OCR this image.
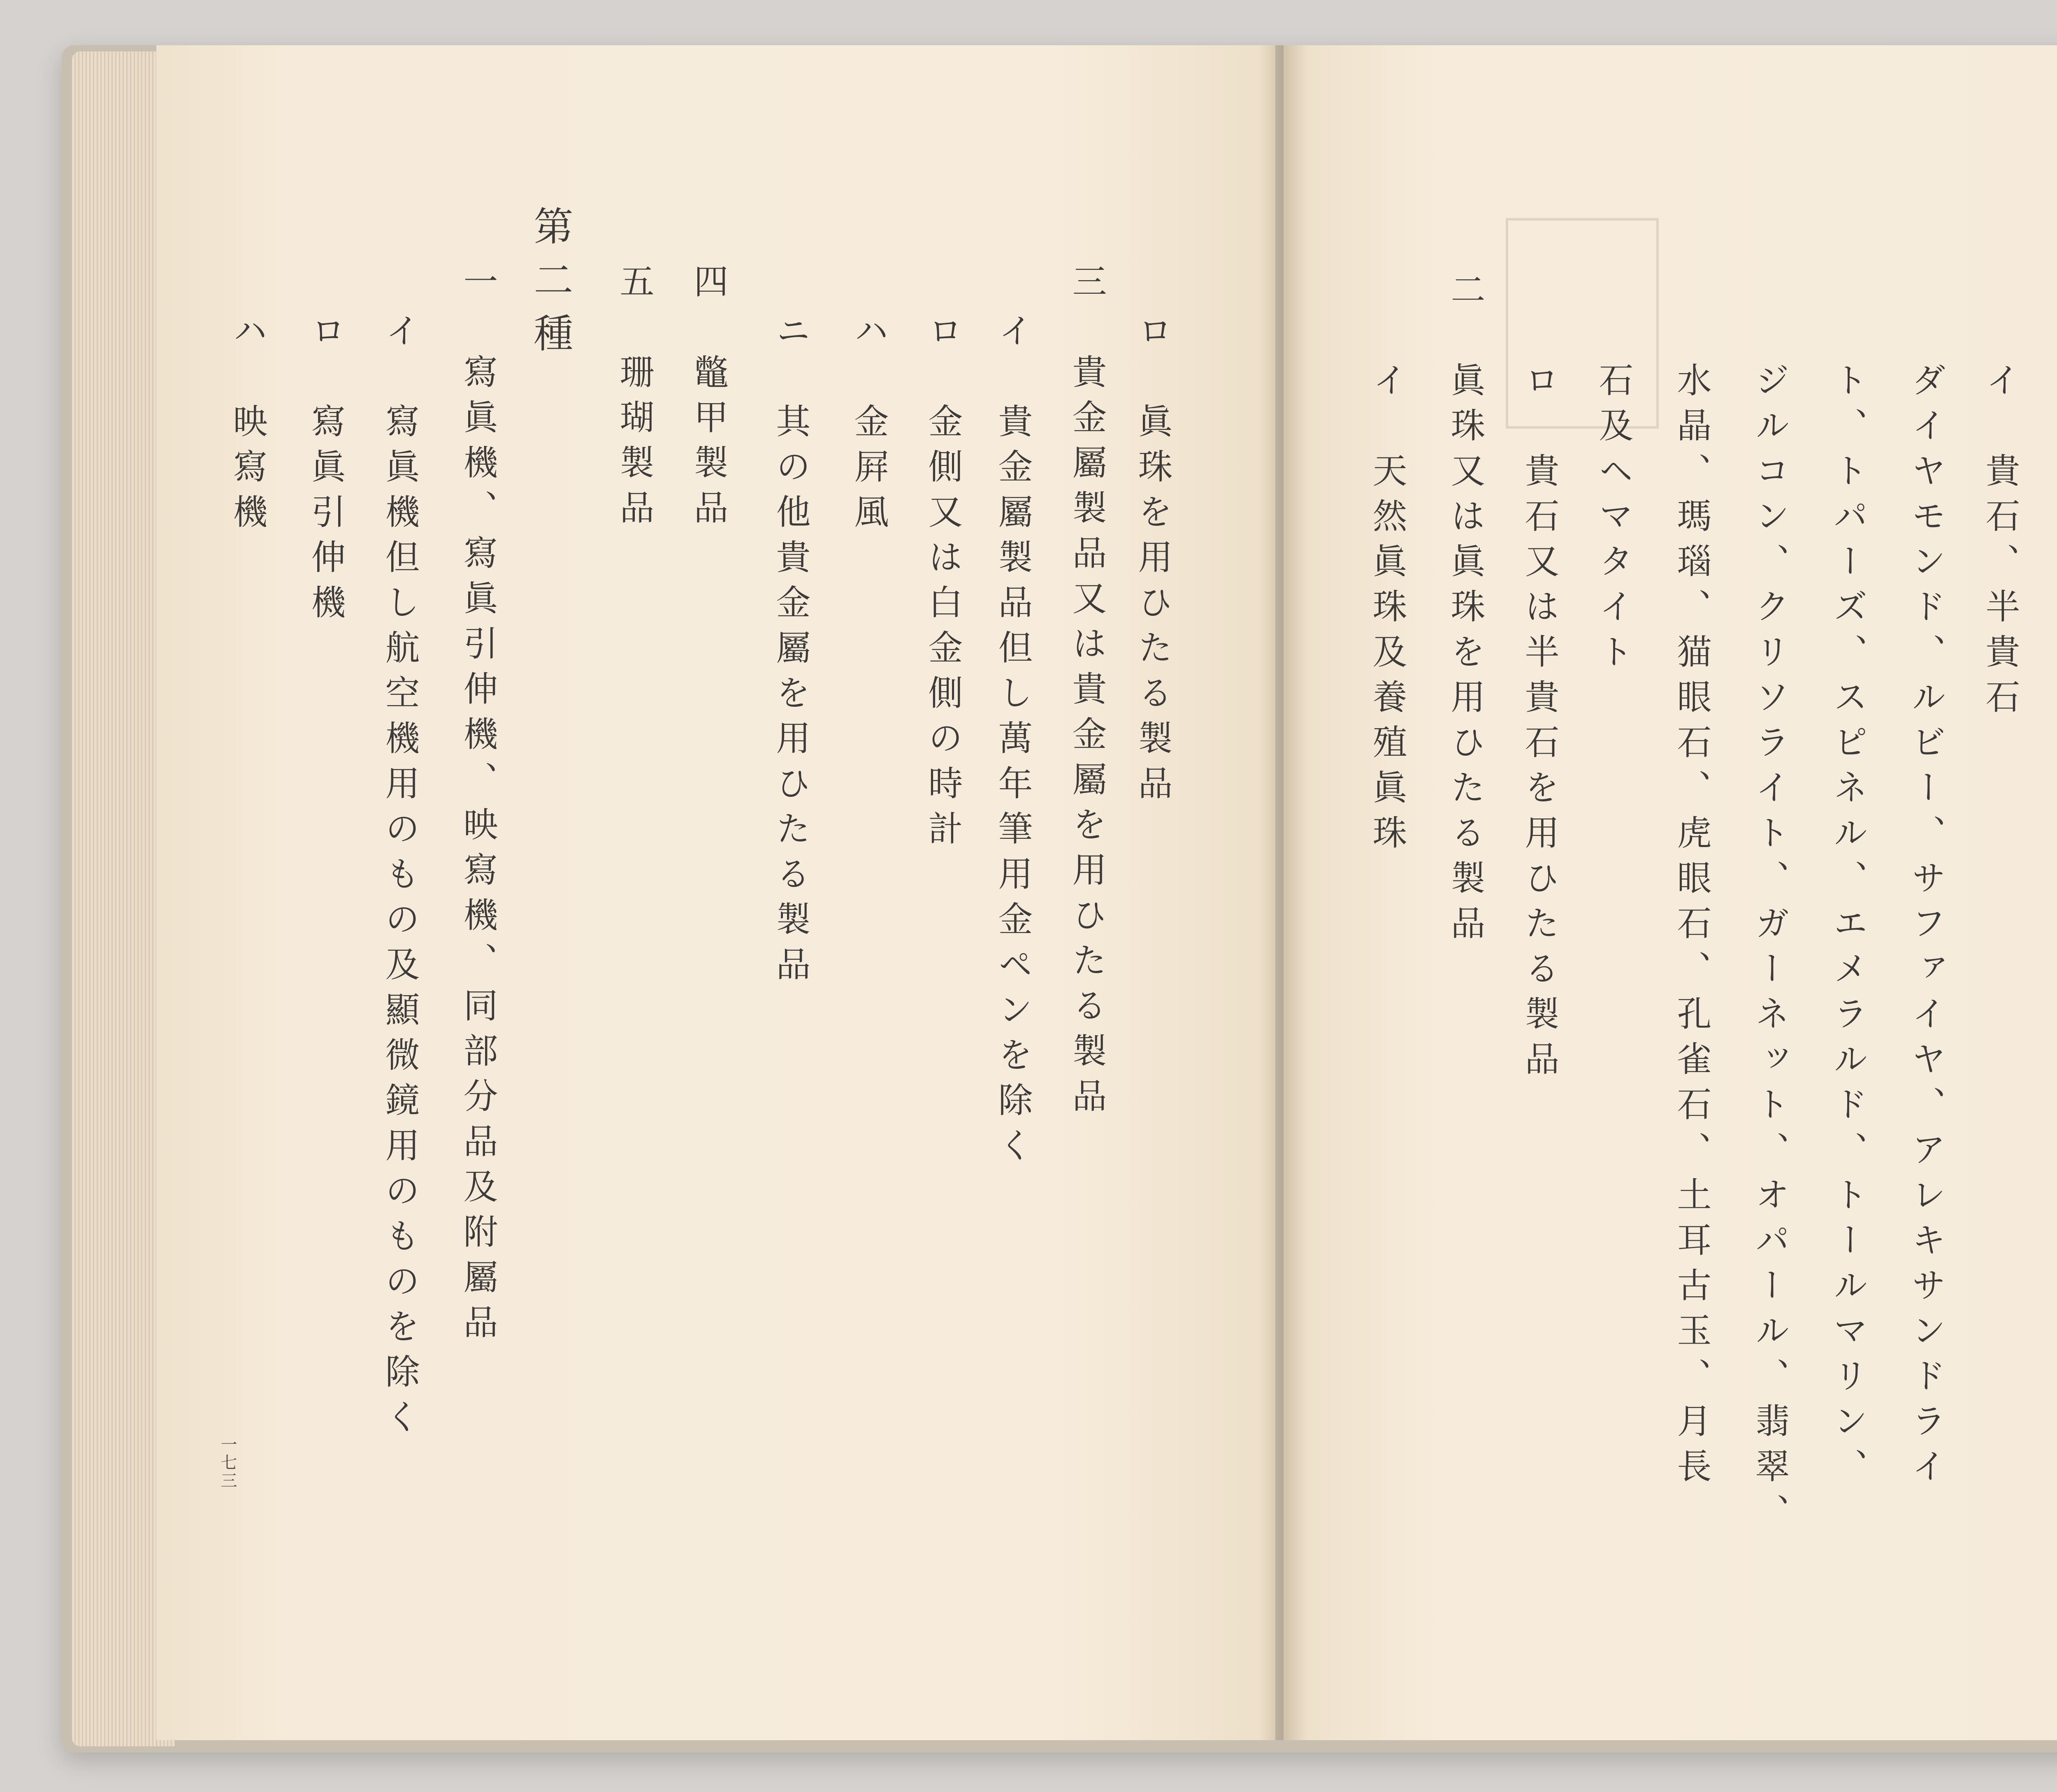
ロ　眞珠を用ひたる製品
三　貴金屬製品又は貴金屬を用ひたる製品
イ　貴金屬製品但し萬年筆用金ペンを除く
ロ　金側又は白金側の時計
ハ　金屛風
ニ　其の他貴金屬を用ひたる製品
四　鼈甲製品
五　珊瑚製品
第二種
一　寫眞機、寫眞引伸機、映寫機、同部分品及附屬品
イ　寫眞機但し航空機用のもの及顯微鏡用のものを除く
ロ　寫眞引伸機
ハ　映寫機
一七三
イ　貴石、半貴石
ダイヤモンド、ルビー、サファイヤ、アレキサンドライ
ト、トパーズ、スピネル、エメラルド、トールマリン、
ジルコン、クリソライト、ガーネット、オパール、翡翠、
水晶、瑪瑙、猫眼石、虎眼石、孔雀石、土耳古玉、月長
石及ヘマタイト
ロ　貴石又は半貴石を用ひたる製品
二　眞珠又は眞珠を用ひたる製品
イ　天然眞珠及養殖眞珠
